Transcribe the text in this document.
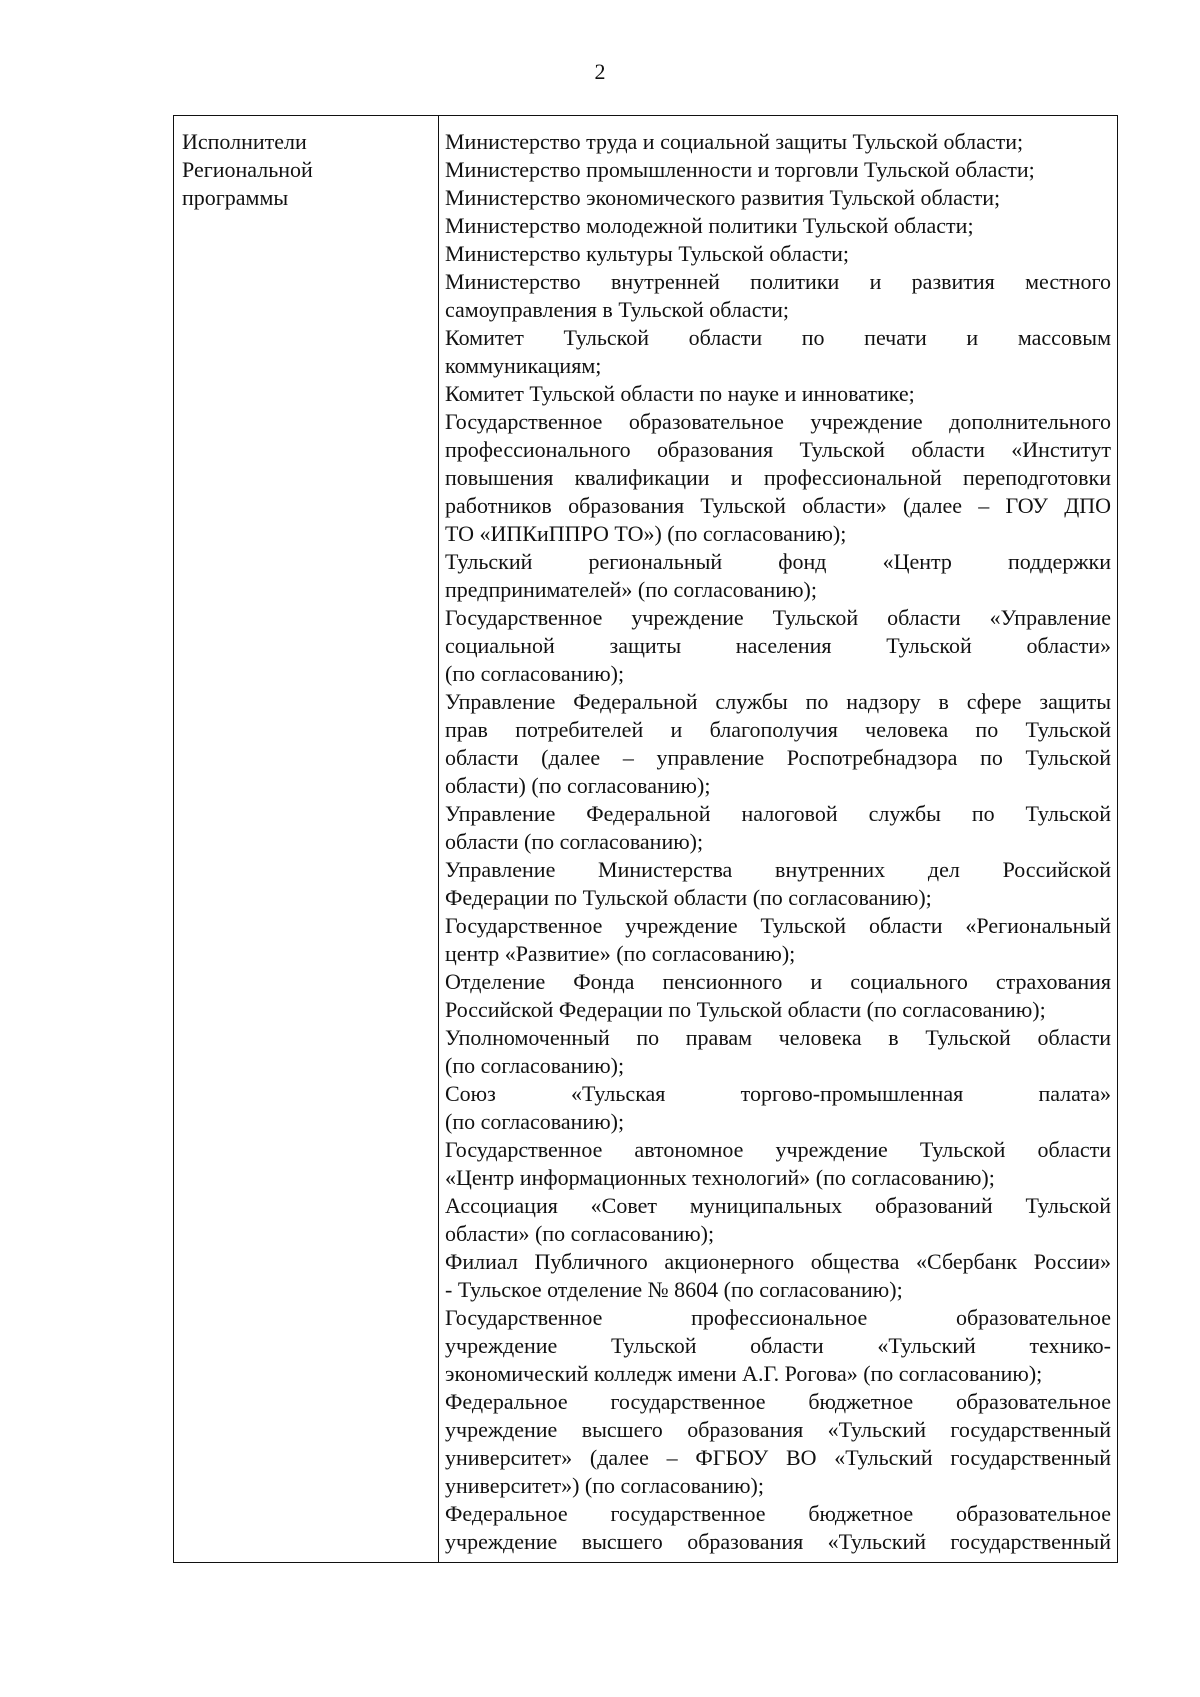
2
Исполнители
Региональной
программы
Министерство труда и социальной защиты Тульской области;
Министерство промышленности и торговли Тульской области;
Министерство экономического развития Тульской области;
Министерство молодежной политики Тульской области;
Министерство культуры Тульской области;
Министерство внутренней политики и развития местного
самоуправления в Тульской области;
Комитет Тульской области по печати и массовым
коммуникациям;
Комитет Тульской области по науке и инноватике;
Государственное образовательное учреждение дополнительного
профессионального образования Тульской области «Институт
повышения квалификации и профессиональной переподготовки
работников образования Тульской области» (далее – ГОУ ДПО
ТО «ИПКиППРО ТО») (по согласованию);
Тульский региональный фонд «Центр поддержки
предпринимателей» (по согласованию);
Государственное учреждение Тульской области «Управление
социальной защиты населения Тульской области»
(по согласованию);
Управление Федеральной службы по надзору в сфере защиты
прав потребителей и благополучия человека по Тульской
области (далее – управление Роспотребнадзора по Тульской
области) (по согласованию);
Управление Федеральной налоговой службы по Тульской
области (по согласованию);
Управление Министерства внутренних дел Российской
Федерации по Тульской области (по согласованию);
Государственное учреждение Тульской области «Региональный
центр «Развитие» (по согласованию);
Отделение Фонда пенсионного и социального страхования
Российской Федерации по Тульской области (по согласованию);
Уполномоченный по правам человека в Тульской области
(по согласованию);
Союз «Тульская торгово-промышленная палата»
(по согласованию);
Государственное автономное учреждение Тульской области
«Центр информационных технологий» (по согласованию);
Ассоциация «Совет муниципальных образований Тульской
области» (по согласованию);
Филиал Публичного акционерного общества «Сбербанк России»
- Тульское отделение № 8604 (по согласованию);
Государственное профессиональное образовательное
учреждение Тульской области «Тульский технико-
экономический колледж имени А.Г. Рогова» (по согласованию);
Федеральное государственное бюджетное образовательное
учреждение высшего образования «Тульский государственный
университет» (далее – ФГБОУ ВО «Тульский государственный
университет») (по согласованию);
Федеральное государственное бюджетное образовательное
учреждение высшего образования «Тульский государственный
